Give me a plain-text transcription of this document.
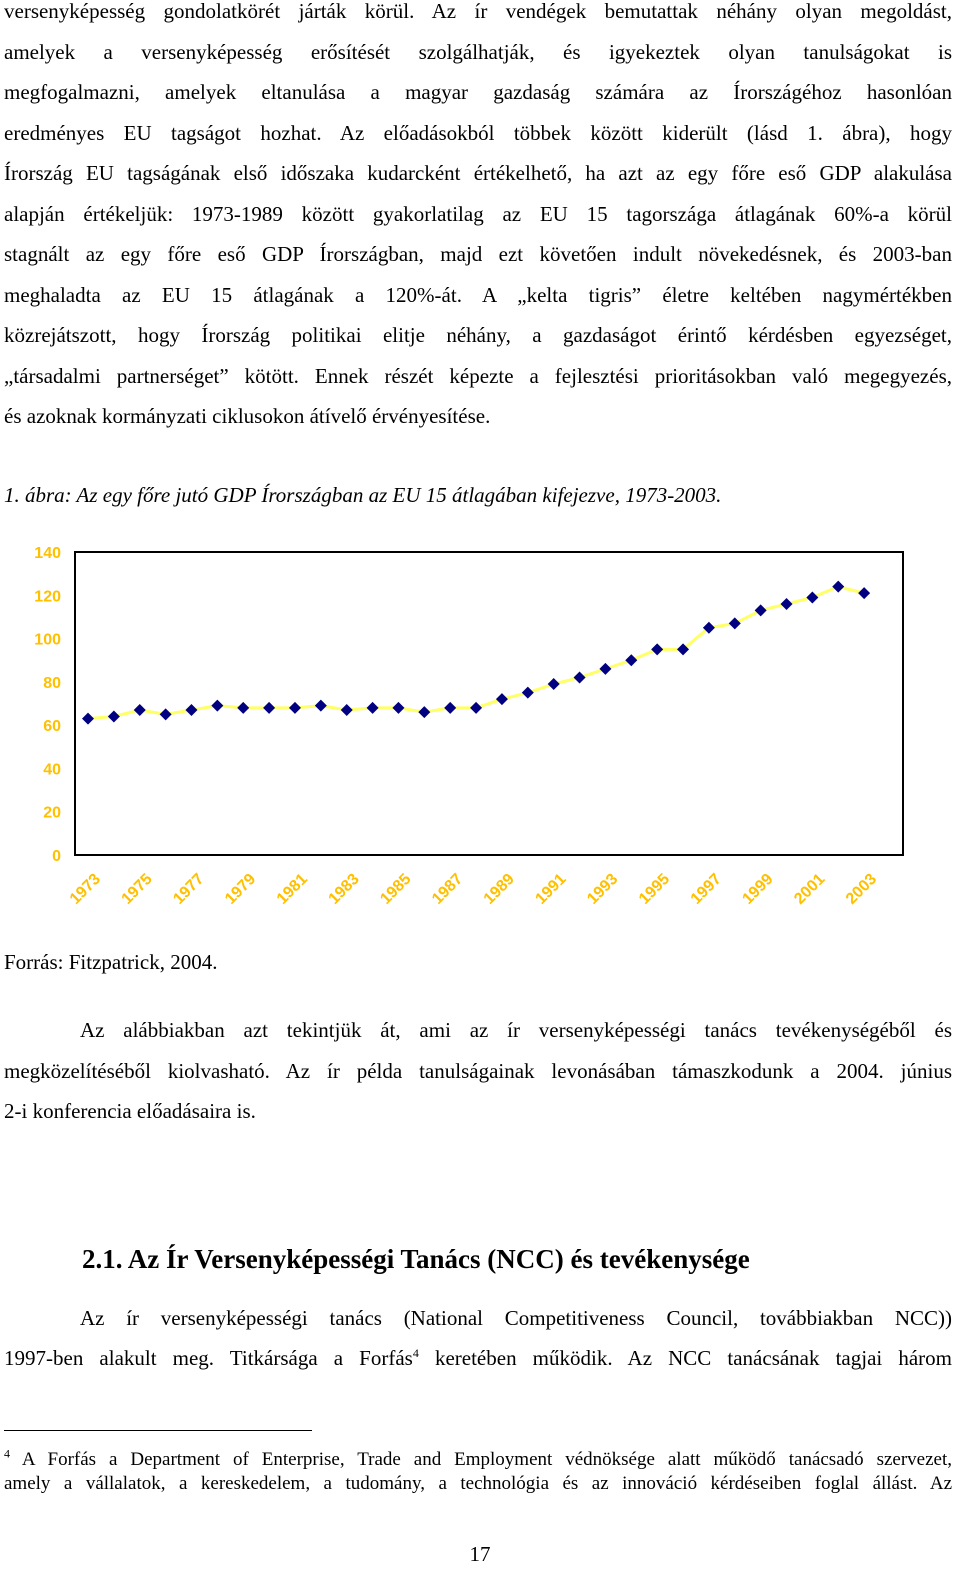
versenyképesség gondolatkörét járták körül. Az ír vendégek bemutattak néhány olyan megoldást,
amelyek a versenyképesség erősítését szolgálhatják, és igyekeztek olyan tanulságokat is
megfogalmazni, amelyek eltanulása a magyar gazdaság számára az Írországéhoz hasonlóan
eredményes EU tagságot hozhat. Az előadásokból többek között kiderült (lásd 1. ábra), hogy
Írország EU tagságának első időszaka kudarcként értékelhető, ha azt az egy főre eső GDP alakulása
alapján értékeljük: 1973-1989 között gyakorlatilag az EU 15 tagországa átlagának 60%-a körül
stagnált az egy főre eső GDP Írországban, majd ezt követően indult növekedésnek, és 2003-ban
meghaladta az EU 15 átlagának a 120%-át. A „kelta tigris” életre keltében nagymértékben
közrejátszott, hogy Írország politikai elitje néhány, a gazdaságot érintő kérdésben egyezséget,
„társadalmi partnerséget” kötött. Ennek részét képezte a fejlesztési prioritásokban való megegyezés,
és azoknak kormányzati ciklusokon átívelő érvényesítése.
1. ábra: Az egy főre jutó GDP Írországban az EU 15 átlagában kifejezve, 1973-2003.
0
20
40
60
80
100
120
140
1973 1975 1977 1979 1981 1983 1985 1987 1989 1991 1993 1995 1997 1999 2001 2003
Forrás: Fitzpatrick, 2004.
Az alábbiakban azt tekintjük át, ami az ír versenyképességi tanács tevékenységéből és
megközelítéséből kiolvasható. Az ír példa tanulságainak levonásában támaszkodunk a 2004. június
2-i konferencia előadásaira is.
2.1. Az Ír Versenyképességi Tanács (NCC) és tevékenysége
Az ír versenyképességi tanács (National Competitiveness Council, továbbiakban NCC))
1997-ben alakult meg. Titkársága a Forfás$^4$ keretében működik. Az NCC tanácsának tagjai három
$^4$ A Forfás a Department of Enterprise, Trade and Employment védnöksége alatt működő tanácsadó szervezet,
amely a vállalatok, a kereskedelem, a tudomány, a technológia és az innováció kérdéseiben foglal állást. Az
17
